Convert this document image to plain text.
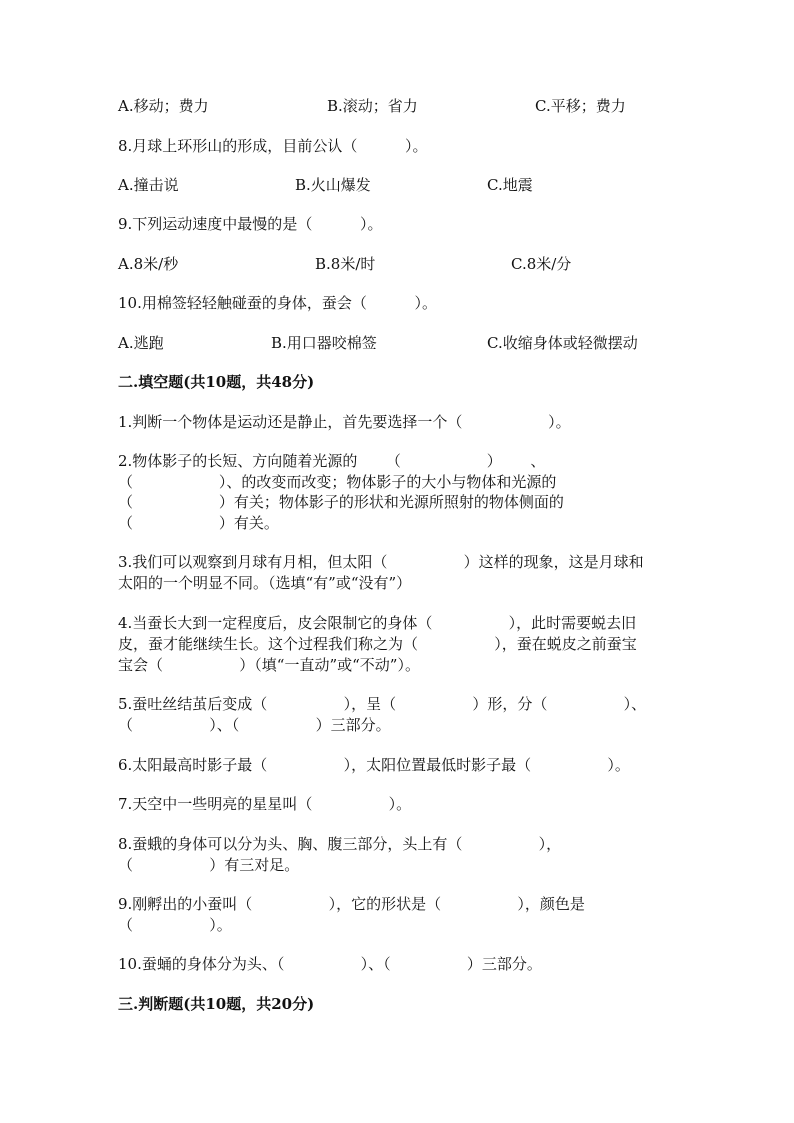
A.移动；费力

	B.滚动；省力

	C.平移；费力

8.月球上环形山的形成，目前公认（          ）。

A.撞击说

	B.火山爆发

	C.地震

9.下列运动速度中最慢的是（          ）。

A.8米/秒

	B.8米/时

	C.8米/分

10.用棉签轻轻触碰蚕的身体，蚕会（          ）。

A.逃跑

	B.用口器咬棉签

	C.收缩身体或轻微摆动

二.填空题(共10题，共48分)
1.判断一个物体是运动还是静止，首先要选择一个（                  ）。
2.物体影子的长短、方向随着光源的      （                  ）      、
（                  ）、的改变而改变；物体影子的大小与物体和光源的
（                  ）有关；物体影子的形状和光源所照射的物体侧面的
（                  ）有关。
3.我们可以观察到月球有月相，但太阳（                ）这样的现象，这是月球和
太阳的一个明显不同。（选填“有”或“没有”）
4.当蚕长大到一定程度后，皮会限制它的身体（                ），此时需要蜕去旧
皮，蚕才能继续生长。这个过程我们称之为（                ），蚕在蜕皮之前蚕宝
宝会（                ）（填“一直动”或“不动”）。
5.蚕吐丝结茧后变成（                ），呈（                ）形，分（                ）、
（                ）、（                ）三部分。
6.太阳最高时影子最（                ），太阳位置最低时影子最（                ）。
7.天空中一些明亮的星星叫（                ）。
8.蚕蛾的身体可以分为头、胸、腹三部分，头上有（                ），
（                ）有三对足。
9.刚孵出的小蚕叫（                ），它的形状是（                ），颜色是
（                ）。
10.蚕蛹的身体分为头、（                ）、（                ）三部分。
三.判断题(共10题，共20分)
